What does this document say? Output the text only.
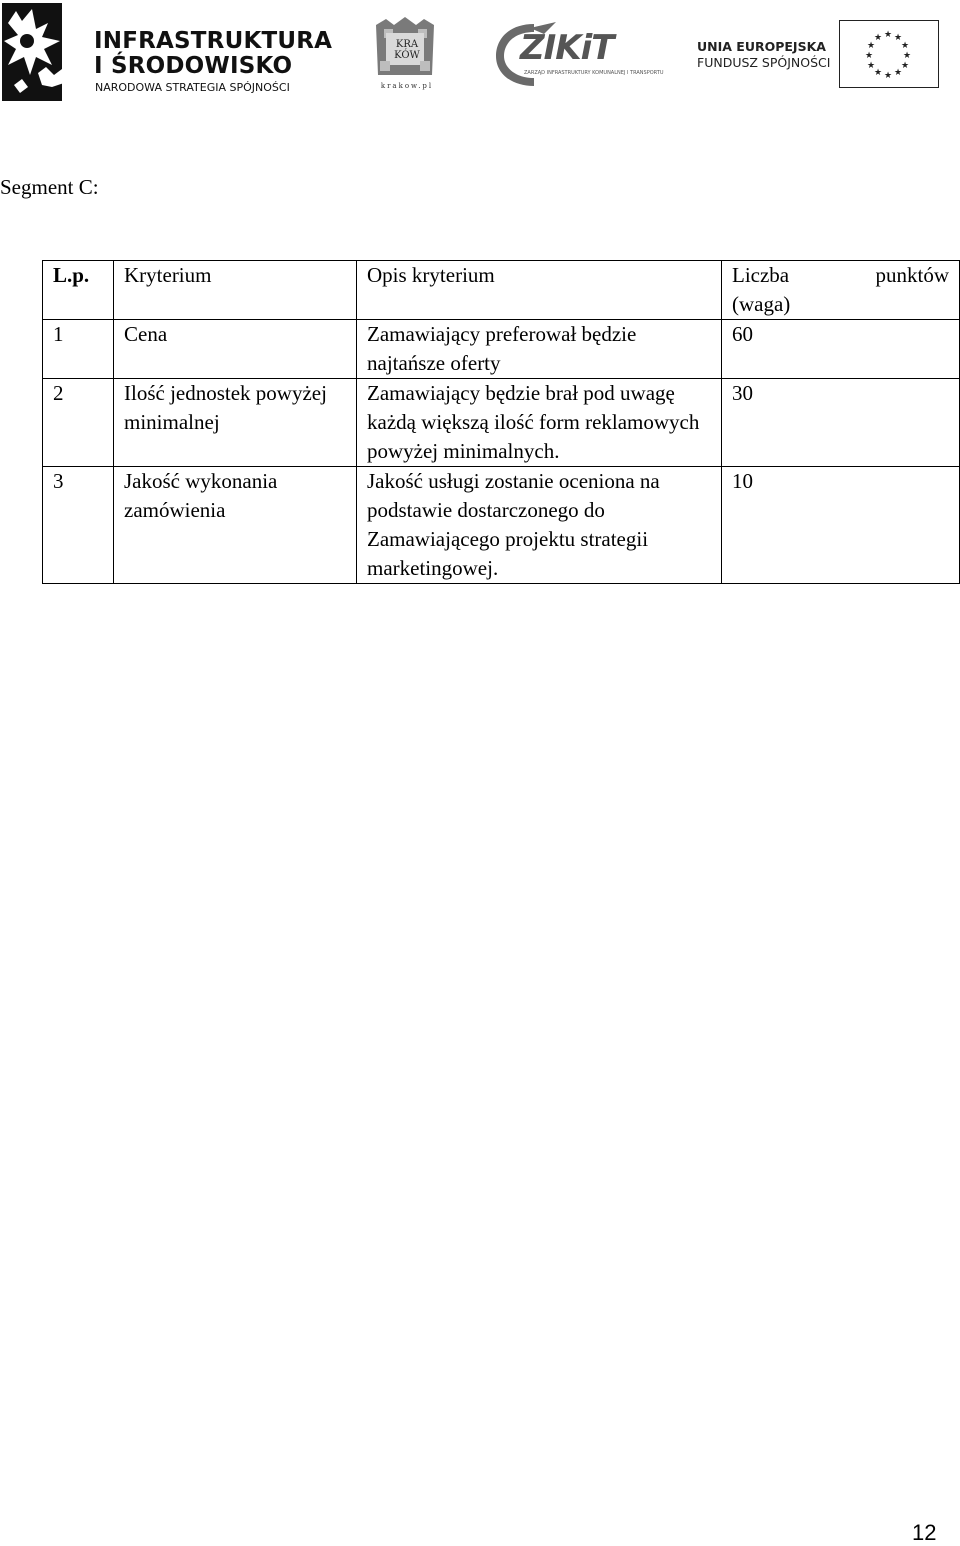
INFRASTRUKTURA
I ŚRODOWISKO
NARODOWA STRATEGIA SPÓJNOŚCI
KRA KÓW
krakow.pl
ZIKiT
ZARZĄD INFRASTRUKTURY KOMUNALNEJ I TRANSPORTU
UNIA EUROPEJSKA
FUNDUSZ SPÓJNOŚCI
★ ★
★
★
★
★
★
★
★
★
★
★
Segment C:
L.p.	Kryterium	Opis kryterium	Liczba punktów
(waga)

1	Cena	Zamawiający preferował będzie najtańsze oferty	60
2	Ilość jednostek powyżej minimalnej	Zamawiający będzie brał pod uwagę każdą większą ilość form reklamowych powyżej minimalnych.	30
3	Jakość wykonania zamówienia	Jakość usługi zostanie oceniona na podstawie dostarczonego do Zamawiającego projektu strategii marketingowej.	10
12
